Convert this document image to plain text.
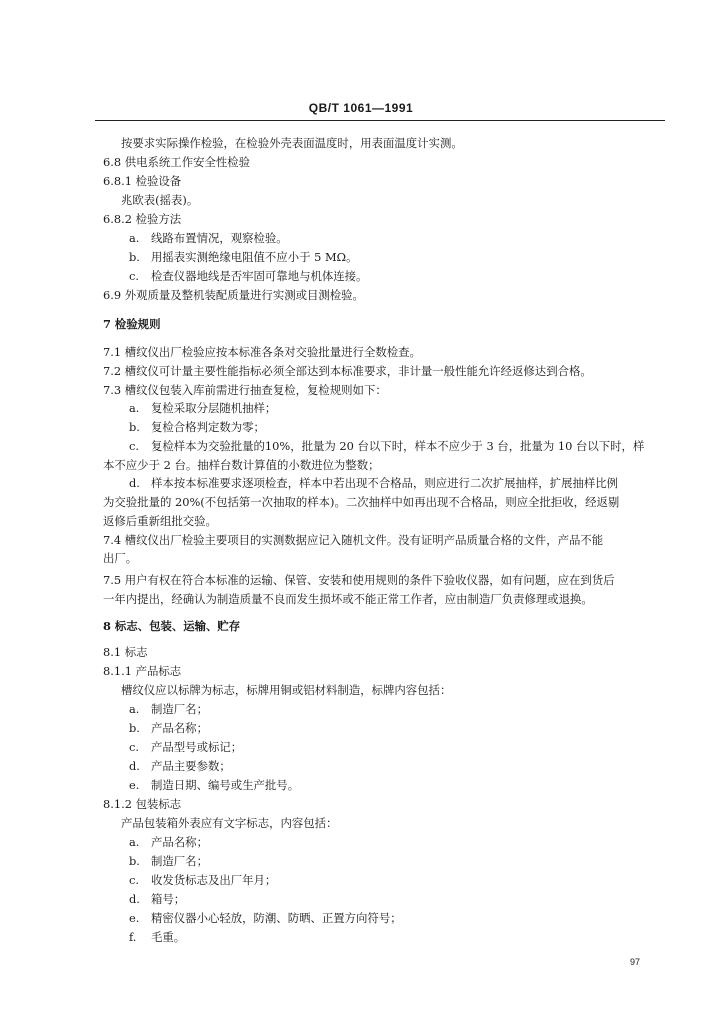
QB/T 1061—1991
按要求实际操作检验，在检验外壳表面温度时，用表面温度计实测。
6.8 供电系统工作安全性检验
6.8.1 检验设备
兆欧表(摇表)。
6.8.2 检验方法
a. 线路布置情况，观察检验。
b. 用摇表实测绝缘电阻值不应小于 5 MΩ。
c. 检查仪器地线是否牢固可靠地与机体连接。
6.9 外观质量及整机装配质量进行实测或目测检验。
7 检验规则
7.1 槽纹仪出厂检验应按本标准各条对交验批量进行全数检查。
7.2 槽纹仪可计量主要性能指标必须全部达到本标准要求，非计量一般性能允许经返修达到合格。
7.3 槽纹仪包装入库前需进行抽查复检，复检规则如下：
a. 复检采取分层随机抽样；
b. 复检合格判定数为零；
c. 复检样本为交验批量的10%，批量为 20 台以下时，样本不应少于 3 台，批量为 10 台以下时，样
本不应少于 2 台。抽样台数计算值的小数进位为整数；
d. 样本按本标准要求逐项检查，样本中若出现不合格品，则应进行二次扩展抽样，扩展抽样比例
为交验批量的 20%(不包括第一次抽取的样本)。二次抽样中如再出现不合格品，则应全批拒收，经返剔
返修后重新组批交验。
7.4 槽纹仪出厂检验主要项目的实测数据应记入随机文件。没有证明产品质量合格的文件，产品不能
出厂。
7.5 用户有权在符合本标准的运输、保管、安装和使用规则的条件下验收仪器，如有问题，应在到货后
一年内提出，经确认为制造质量不良而发生损坏或不能正常工作者，应由制造厂负责修理或退换。
8 标志、包装、运输、贮存
8.1 标志
8.1.1 产品标志
槽纹仪应以标牌为标志，标牌用铜或铝材料制造，标牌内容包括：
a. 制造厂名；
b. 产品名称；
c. 产品型号或标记；
d. 产品主要参数；
e. 制造日期、编号或生产批号。
8.1.2 包装标志
产品包装箱外表应有文字标志，内容包括：
a. 产品名称；
b. 制造厂名；
c. 收发货标志及出厂年月；
d. 箱号；
e. 精密仪器小心轻放，防潮、防晒、正置方向符号；
f. 毛重。
97
